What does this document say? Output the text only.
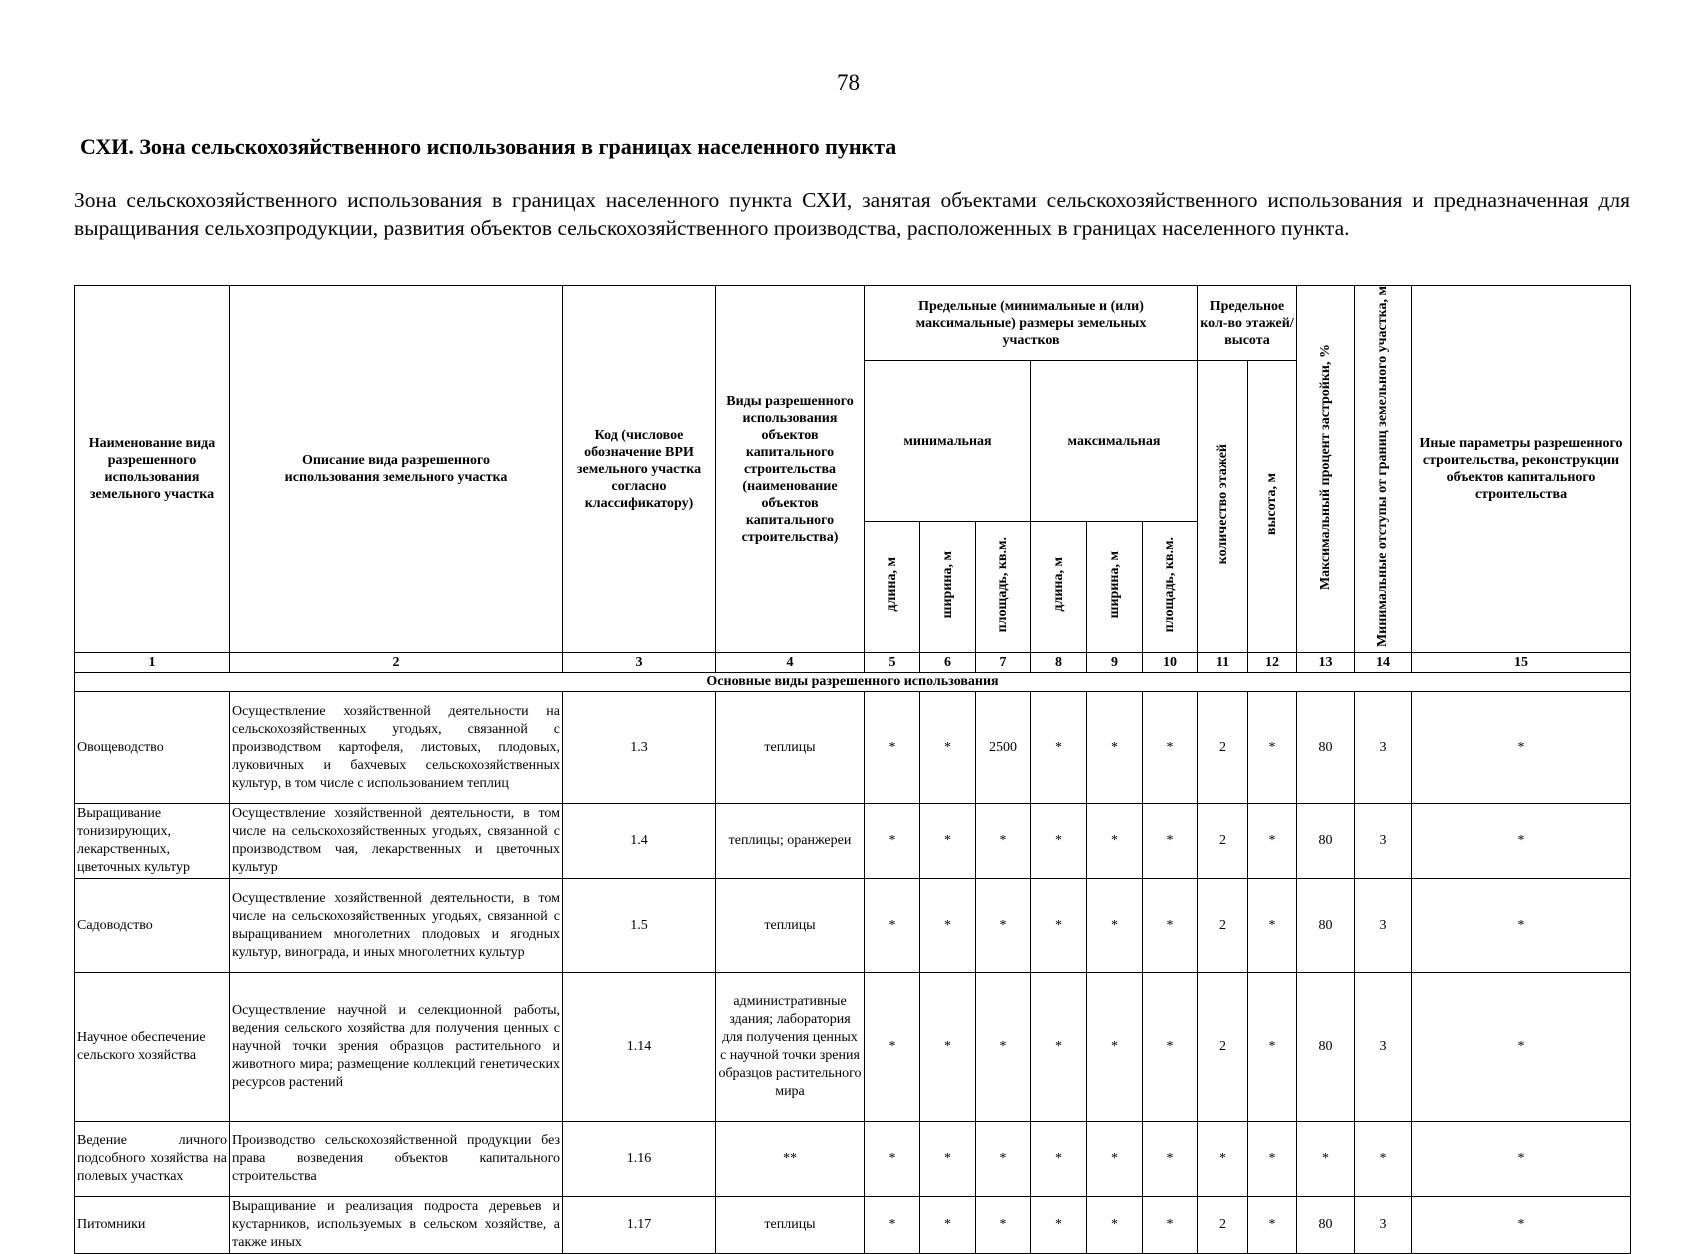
78
СХИ. Зона сельскохозяйственного использования в границах населенного пункта
Зона сельскохозяйственного использования в границах населенного пункта СХИ, занятая объектами сельскохозяйственного использования и предназначенная для выращивания сельхозпродукции, развития объектов сельскохозяйственного производства, расположенных в границах населенного пункта.
Наименование вида разрешенного использования земельного участка	Описание вида разрешенного использования земельного участка	Код (числовое обозначение ВРИ земельного участка согласно классификатору)	Виды разрешенного использования объектов капитального строительства (наименование объектов капитального строительства)	Предельные (минимальные и (или) максимальные) размеры земельных участков						Предельное кол-во этажей/ высота		Максимальный процент застройки, %	Минимальные отступы от границ земельного участка, м	Иные параметры разрешенного строительства, реконструкции объектов капитального строительства
				минимальная			максимальная			количество этажей	высота, м			
				длина, м	ширина, м	площадь, кв.м.	длина, м	ширина, м	площадь, кв.м.					
1	2	3	4	5	6	7	8	9	10	11	12	13	14	15
Основные виды разрешенного использования														
Овощеводство	Осуществление хозяйственной деятельности на сельскохозяйственных угодьях, связанной с производством картофеля, листовых, плодовых, луковичных и бахчевых сельскохозяйственных культур, в том числе с использованием теплиц	1.3	теплицы	*	*	2500	*	*	*	2	*	80	3	*
Выращивание тонизирующих, лекарственных, цветочных культур	Осуществление хозяйственной деятельности, в том числе на сельскохозяйственных угодьях, связанной с производством чая, лекарственных и цветочных культур	1.4	теплицы; оранжереи	*	*	*	*	*	*	2	*	80	3	*
Садоводство	Осуществление хозяйственной деятельности, в том числе на сельскохозяйственных угодьях, связанной с выращиванием многолетних плодовых и ягодных культур, винограда, и иных многолетних культур	1.5	теплицы	*	*	*	*	*	*	2	*	80	3	*
Научное обеспечение сельского хозяйства	Осуществление научной и селекционной работы, ведения сельского хозяйства для получения ценных с научной точки зрения образцов растительного и животного мира; размещение коллекций генетических ресурсов растений	1.14	административные здания; лаборатория для получения ценных с научной точки зрения образцов растительного мира	*	*	*	*	*	*	2	*	80	3	*
Ведение личного подсобного хозяйства на полевых участках	Производство сельскохозяйственной продукции без права возведения объектов капитального строительства	1.16	**	*	*	*	*	*	*	*	*	*	*	*
Питомники	Выращивание и реализация подроста деревьев и кустарников, используемых в сельском хозяйстве, а также иных	1.17	теплицы	*	*	*	*	*	*	2	*	80	3	*
